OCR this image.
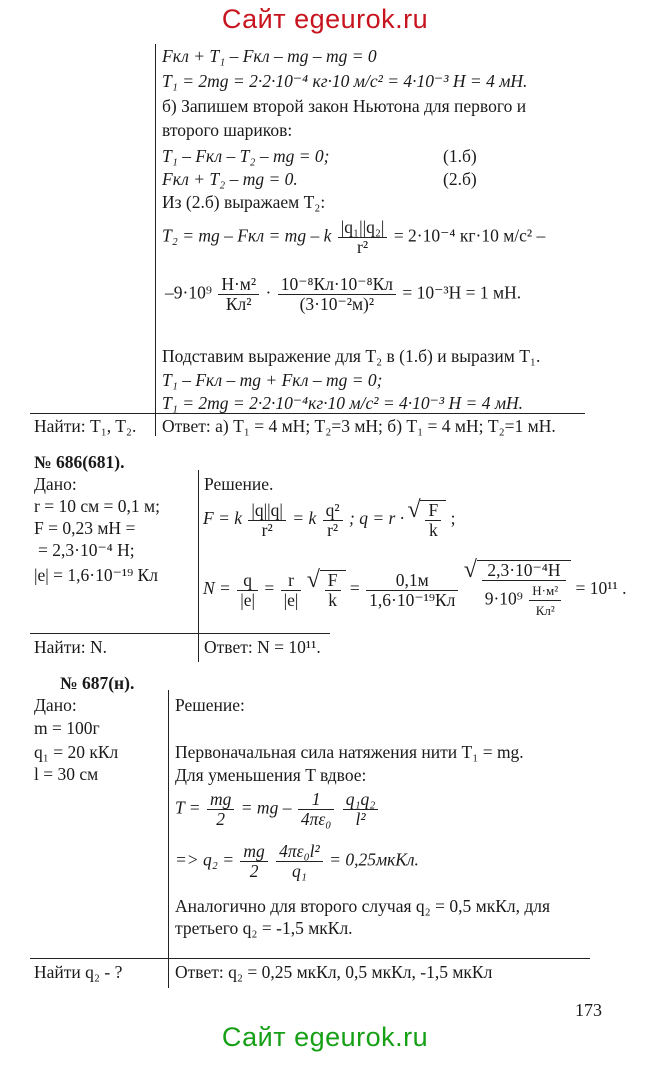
Сайт egeurok.ru
Сайт egeurok.ru
Fкл + T₁ – Fкл – mg – mg = 0
T₁ = 2mg = 2·2·10⁻⁴ кг·10 м/с² = 4·10⁻³ Н = 4 мН.
б) Запишем второй закон Ньютона для первого и
второго шариков:
T₁ – Fкл – T₂ – mg = 0;	(1.б)
Fкл + T₂ – mg = 0.	(2.б)
Из (2.б) выражаем T₂:
T₂ = mg – Fкл = mg – k $\frac{\text{|q₁||q₂|}}{\text{r²}} = 2\cdot 10^{-4}$ кг·10 м/с² –
$-9\cdot 10^9 \frac{\text{Н·м²}}{\text{Кл²}} \cdot \frac{\text{10⁻⁸Кл·10⁻⁸Кл}}{\text{(3·10⁻²м)²}} = 10^{-3}Н = 1$ мН.
Подставим выражение для T₂ в (1.б) и выразим T₁.
T₁ – Fкл – mg + Fкл – mg = 0;
T₁ = 2mg = 2·2·10⁻⁴кг·10 м/с² = 4·10⁻³ Н = 4 мН.
Найти: T₁, T₂. Ответ: а) T₁ = 4 мН; T₂=3 мН; б) T₁ = 4 мН; T₂=1 мН.
№ 686(681).
Дано:
r = 10 см = 0,1 м;
F = 0,23 мН =
= 2,3·10⁻⁴ Н;
|e| = 1,6·10⁻¹⁹ Кл
Решение.
F = k $\frac{|q||q|}{\text{r²}} = k \frac{\text{q²}}{\text{r²}}$ ; q = r · √ $\frac{F}{k}$ ;
$N = \frac{q}{|e|} = \frac{r}{|e|}$
√ $\frac{F}{k} = \frac{0,1м}{\text{1,6·10⁻¹⁹Кл}}$
√ $\frac{\text{2,3·10⁻⁴Н}}{9\cdot 10^9 \frac{\text{Н·м²}}{\text{Кл²}}} = 10^{11}$ .
Найти: N.	Ответ: N = 10¹¹.
№ 687(н).
Дано:
m = 100г
q₁ = 20 кКл
l = 30 см
Решение:
Первоначальная сила натяжения нити T₁ = mg.
Для уменьшения T вдвое:
$T = \frac{mg}{2}$ = mg – $\frac{1}{\text{4πε₀}}$
$\frac{\text{q₁q₂}}{\text{l²}}$
=> $q_2 = \frac{mg}{2}$
$\frac{\text{4πε₀l²}}{\text{q₁}}$ = 0,25мкКл.
Аналогично для второго случая q₂ = 0,5 мкКл, для
третьего q₂ = -1,5 мкКл.
Найти q₂ - ?	Ответ: q₂ = 0,25 мкКл, 0,5 мкКл, -1,5 мкКл
173
